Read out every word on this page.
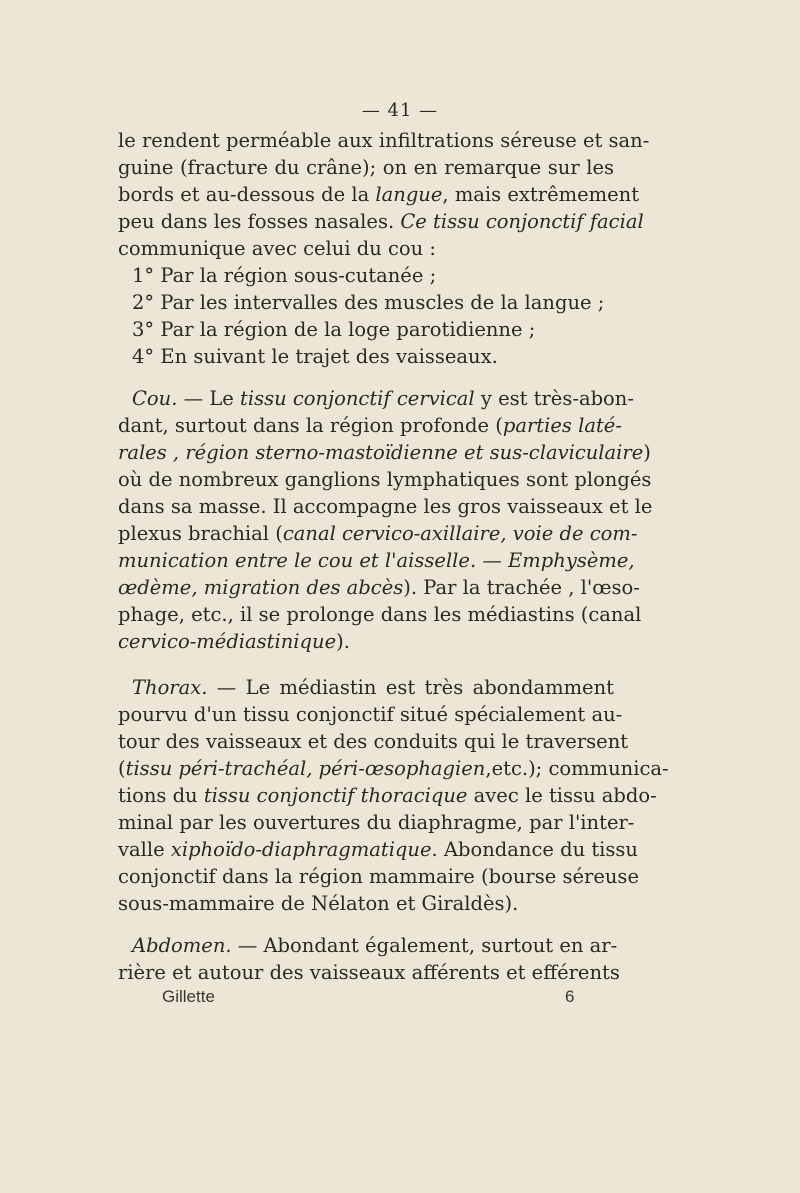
— 41 —
le rendent perméable aux infiltrations séreuse et san-
guine (fracture du crâne); on en remarque sur les
bords et au-dessous de la langue, mais extrêmement
peu dans les fosses nasales. Ce tissu conjonctif facial
communique avec celui du cou :
1° Par la région sous-cutanée ;
2° Par les intervalles des muscles de la langue ;
3° Par la région de la loge parotidienne ;
4° En suivant le trajet des vaisseaux.
Cou. — Le tissu conjonctif cervical y est très-abon-
dant, surtout dans la région profonde (parties laté-
rales , région sterno-mastoïdienne et sus-claviculaire)
où de nombreux ganglions lymphatiques sont plongés
dans sa masse. Il accompagne les gros vaisseaux et le
plexus brachial (canal cervico-axillaire, voie de com-
munication entre le cou et l'aisselle. — Emphysème,
œdème, migration des abcès). Par la trachée , l'œso-
phage, etc., il se prolonge dans les médiastins (canal
cervico-médiastinique).
Thorax. — Le médiastin est très abondamment
pourvu d'un tissu conjonctif situé spécialement au-
tour des vaisseaux et des conduits qui le traversent
(tissu péri-trachéal, péri-œsophagien,etc.); communica-
tions du tissu conjonctif thoracique avec le tissu abdo-
minal par les ouvertures du diaphragme, par l'inter-
valle xiphoïdo-diaphragmatique. Abondance du tissu
conjonctif dans la région mammaire (bourse séreuse
sous-mammaire de Nélaton et Giraldès).
Abdomen. — Abondant également, surtout en ar-
rière et autour des vaisseaux afférents et efférents
Gillette	6
